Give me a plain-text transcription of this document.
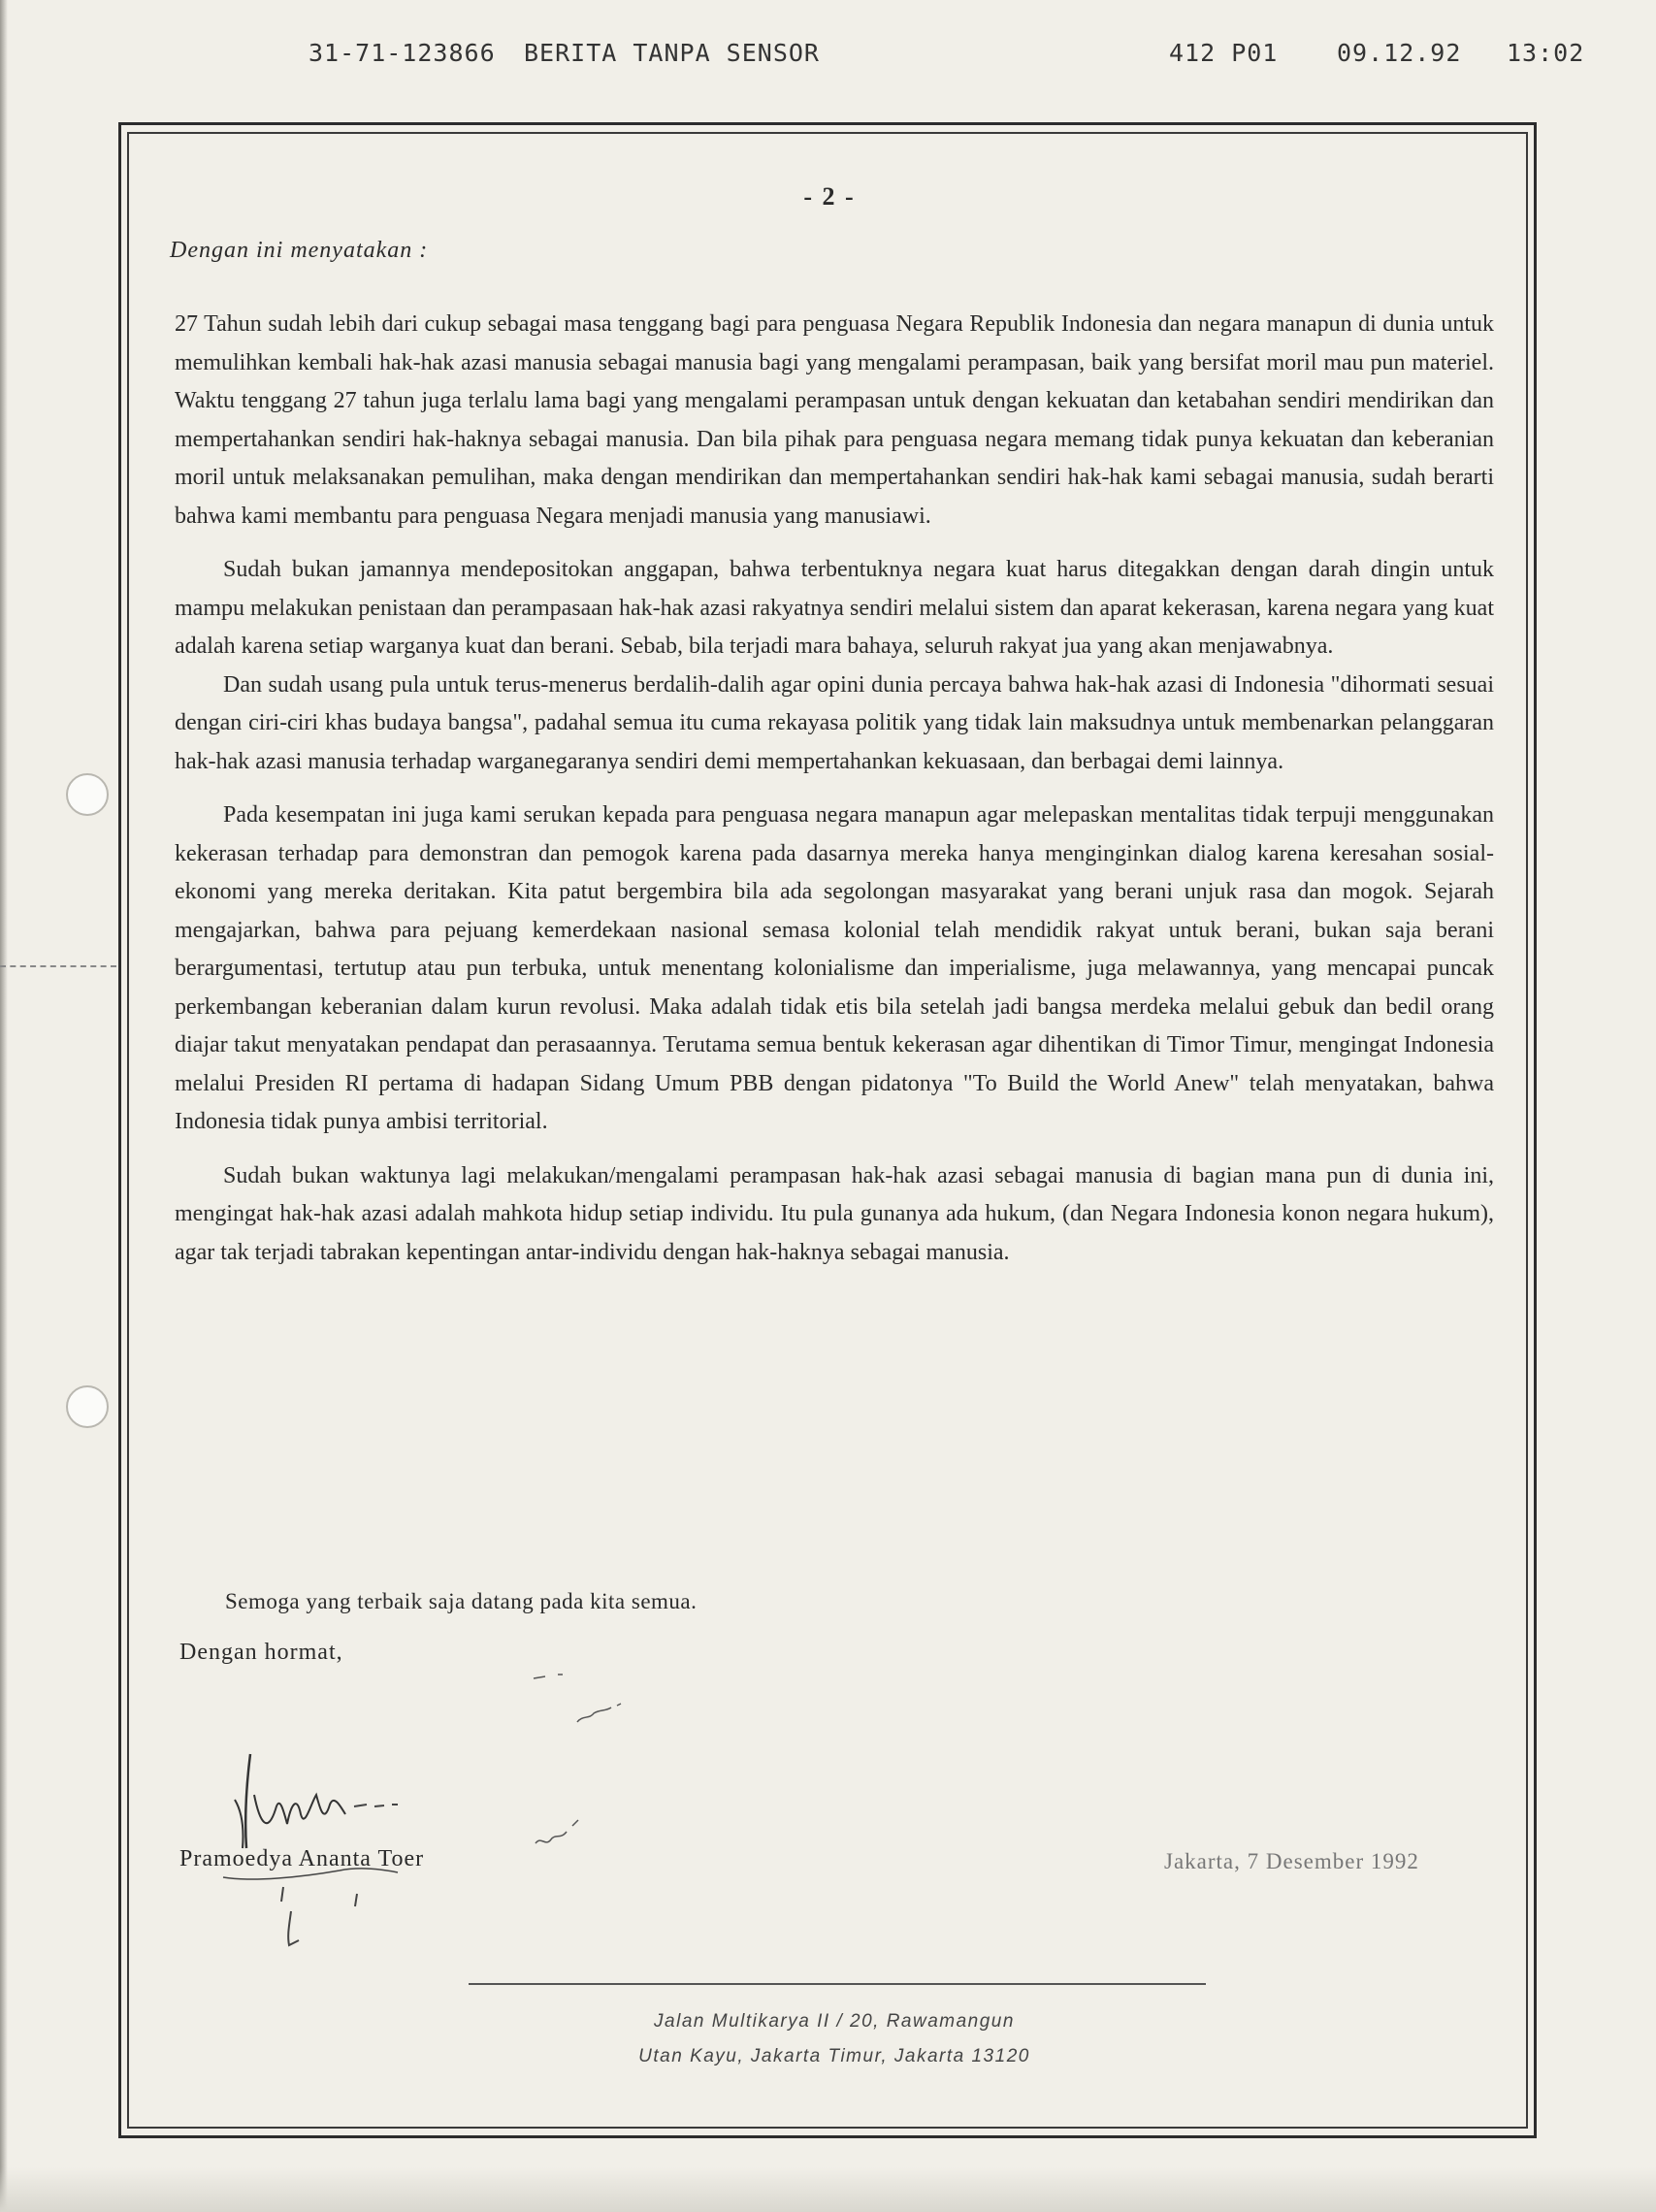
31-71-123866 BERITA TANPA SENSOR	412 P01 09.12.92 13:02
- 2 -
Dengan ini menyatakan :

27 Tahun sudah lebih dari cukup sebagai masa tenggang bagi para penguasa Negara Republik Indonesia dan negara manapun di dunia untuk memulihkan kembali hak-hak azasi manusia sebagai manusia bagi yang mengalami perampasan, baik yang bersifat moril mau pun materiel. Waktu tenggang 27 tahun juga terlalu lama bagi yang mengalami perampasan untuk dengan kekuatan dan ketabahan sendiri mendirikan dan mempertahankan sendiri hak-haknya sebagai manusia. Dan bila pihak para penguasa negara memang tidak punya kekuatan dan keberanian moril untuk melaksanakan pemulihan, maka dengan mendirikan dan mempertahankan sendiri hak-hak kami sebagai manusia, sudah berarti bahwa kami membantu para penguasa Negara menjadi manusia yang manusiawi.

Sudah bukan jamannya mendepositokan anggapan, bahwa terbentuknya negara kuat harus ditegakkan dengan darah dingin untuk mampu melakukan penistaan dan perampasaan hak-hak azasi rakyatnya sendiri melalui sistem dan aparat kekerasan, karena negara yang kuat adalah karena setiap warganya kuat dan berani. Sebab, bila terjadi mara bahaya, seluruh rakyat jua yang akan menjawabnya.

Dan sudah usang pula untuk terus-menerus berdalih-dalih agar opini dunia percaya bahwa hak-hak azasi di Indonesia "dihormati sesuai dengan ciri-ciri khas budaya bangsa", padahal semua itu cuma rekayasa politik yang tidak lain maksudnya untuk membenarkan pelanggaran hak-hak azasi manusia terhadap warganegaranya sendiri demi mempertahankan kekuasaan, dan berbagai demi lainnya.

Pada kesempatan ini juga kami serukan kepada para penguasa negara manapun agar melepaskan mentalitas tidak terpuji menggunakan kekerasan terhadap para demonstran dan pemogok karena pada dasarnya mereka hanya menginginkan dialog karena keresahan sosial-ekonomi yang mereka deritakan. Kita patut bergembira bila ada segolongan masyarakat yang berani unjuk rasa dan mogok. Sejarah mengajarkan, bahwa para pejuang kemerdekaan nasional semasa kolonial telah mendidik rakyat untuk berani, bukan saja berani berargumentasi, tertutup atau pun terbuka, untuk menentang kolonialisme dan imperialisme, juga melawannya, yang mencapai puncak perkembangan keberanian dalam kurun revolusi. Maka adalah tidak etis bila setelah jadi bangsa merdeka melalui gebuk dan bedil orang diajar takut menyatakan pendapat dan perasaannya. Terutama semua bentuk kekerasan agar dihentikan di Timor Timur, mengingat Indonesia melalui Presiden RI pertama di hadapan Sidang Umum PBB dengan pidatonya "To Build the World Anew" telah menyatakan, bahwa Indonesia tidak punya ambisi territorial.

Sudah bukan waktunya lagi melakukan/mengalami perampasan hak-hak azasi sebagai manusia di bagian mana pun di dunia ini, mengingat hak-hak azasi adalah mahkota hidup setiap individu. Itu pula gunanya ada hukum, (dan Negara Indonesia konon negara hukum), agar tak terjadi tabrakan kepentingan antar-individu dengan hak-haknya sebagai manusia.

Semoga yang terbaik saja datang pada kita semua.
Dengan hormat,
Pramoedya Ananta Toer	Jakarta, 7 Desember 1992
Jalan Multikarya II / 20, Rawamangun
Utan Kayu, Jakarta Timur, Jakarta 13120
